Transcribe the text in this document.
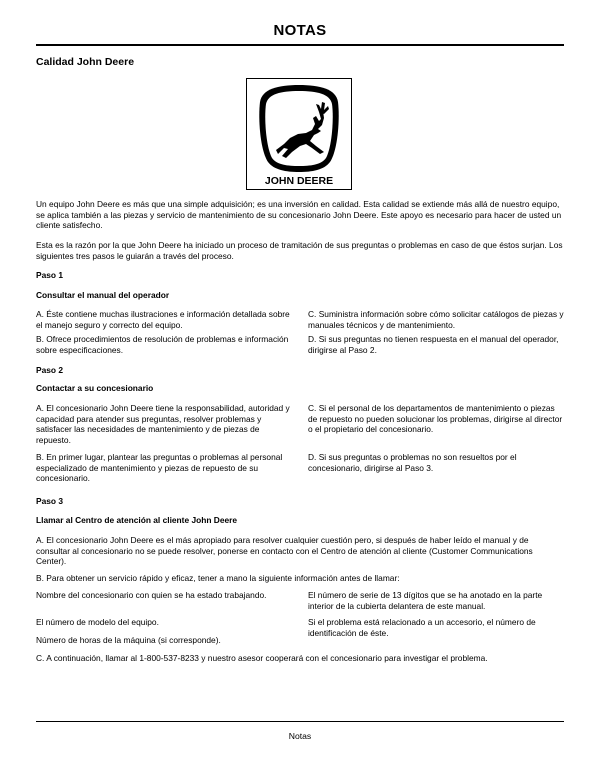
NOTAS
Calidad John Deere
JOHN DEERE

Un equipo John Deere es más que una simple adquisición; es una inversión en calidad. Esta calidad se extiende más allá de nuestro equipo, se aplica también a las piezas y servicio de mantenimiento de su concesionario John Deere. Este apoyo es necesario para hacer de usted un cliente satisfecho.

Esta es la razón por la que John Deere ha iniciado un proceso de tramitación de sus preguntas o problemas en caso de que éstos surjan. Los siguientes tres pasos le guiarán a través del proceso.

Paso 1
Consultar el manual del operador

A. Éste contiene muchas ilustraciones e información detallada sobre el manejo seguro y correcto del equipo.

B. Ofrece procedimientos de resolución de problemas e información sobre especificaciones.

C. Suministra información sobre cómo solicitar catálogos de piezas y manuales técnicos y de mantenimiento.

D. Si sus preguntas no tienen respuesta en el manual del operador, dirigirse al Paso 2.

Paso 2
Contactar a su concesionario

A. El concesionario John Deere tiene la responsabilidad, autoridad y capacidad para atender sus preguntas, resolver problemas y satisfacer las necesidades de mantenimiento y de piezas de repuesto.

B. En primer lugar, plantear las preguntas o problemas al personal especializado de mantenimiento y piezas de repuesto de su concesionario.

C. Si el personal de los departamentos de mantenimiento o piezas de repuesto no pueden solucionar los problemas, dirigirse al director o el propietario del concesionario.

D. Si sus preguntas o problemas no son resueltos por el concesionario, dirigirse al Paso 3.

Paso 3
Llamar al Centro de atención al cliente John Deere

A. El concesionario John Deere es el más apropiado para resolver cualquier cuestión pero, si después de haber leído el manual y de consultar al concesionario no se puede resolver, ponerse en contacto con el Centro de atención al cliente (Customer Communications Center).

B. Para obtener un servicio rápido y eficaz, tener a mano la siguiente información antes de llamar:

Nombre del concesionario con quien se ha estado trabajando.

El número de modelo del equipo.

Número de horas de la máquina (si corresponde).

El número de serie de 13 dígitos que se ha anotado en la parte interior de la cubierta delantera de este manual.

Si el problema está relacionado a un accesorio, el número de identificación de éste.

C. A continuación, llamar al 1-800-537-8233 y nuestro asesor cooperará con el concesionario para investigar el problema.

Notas
